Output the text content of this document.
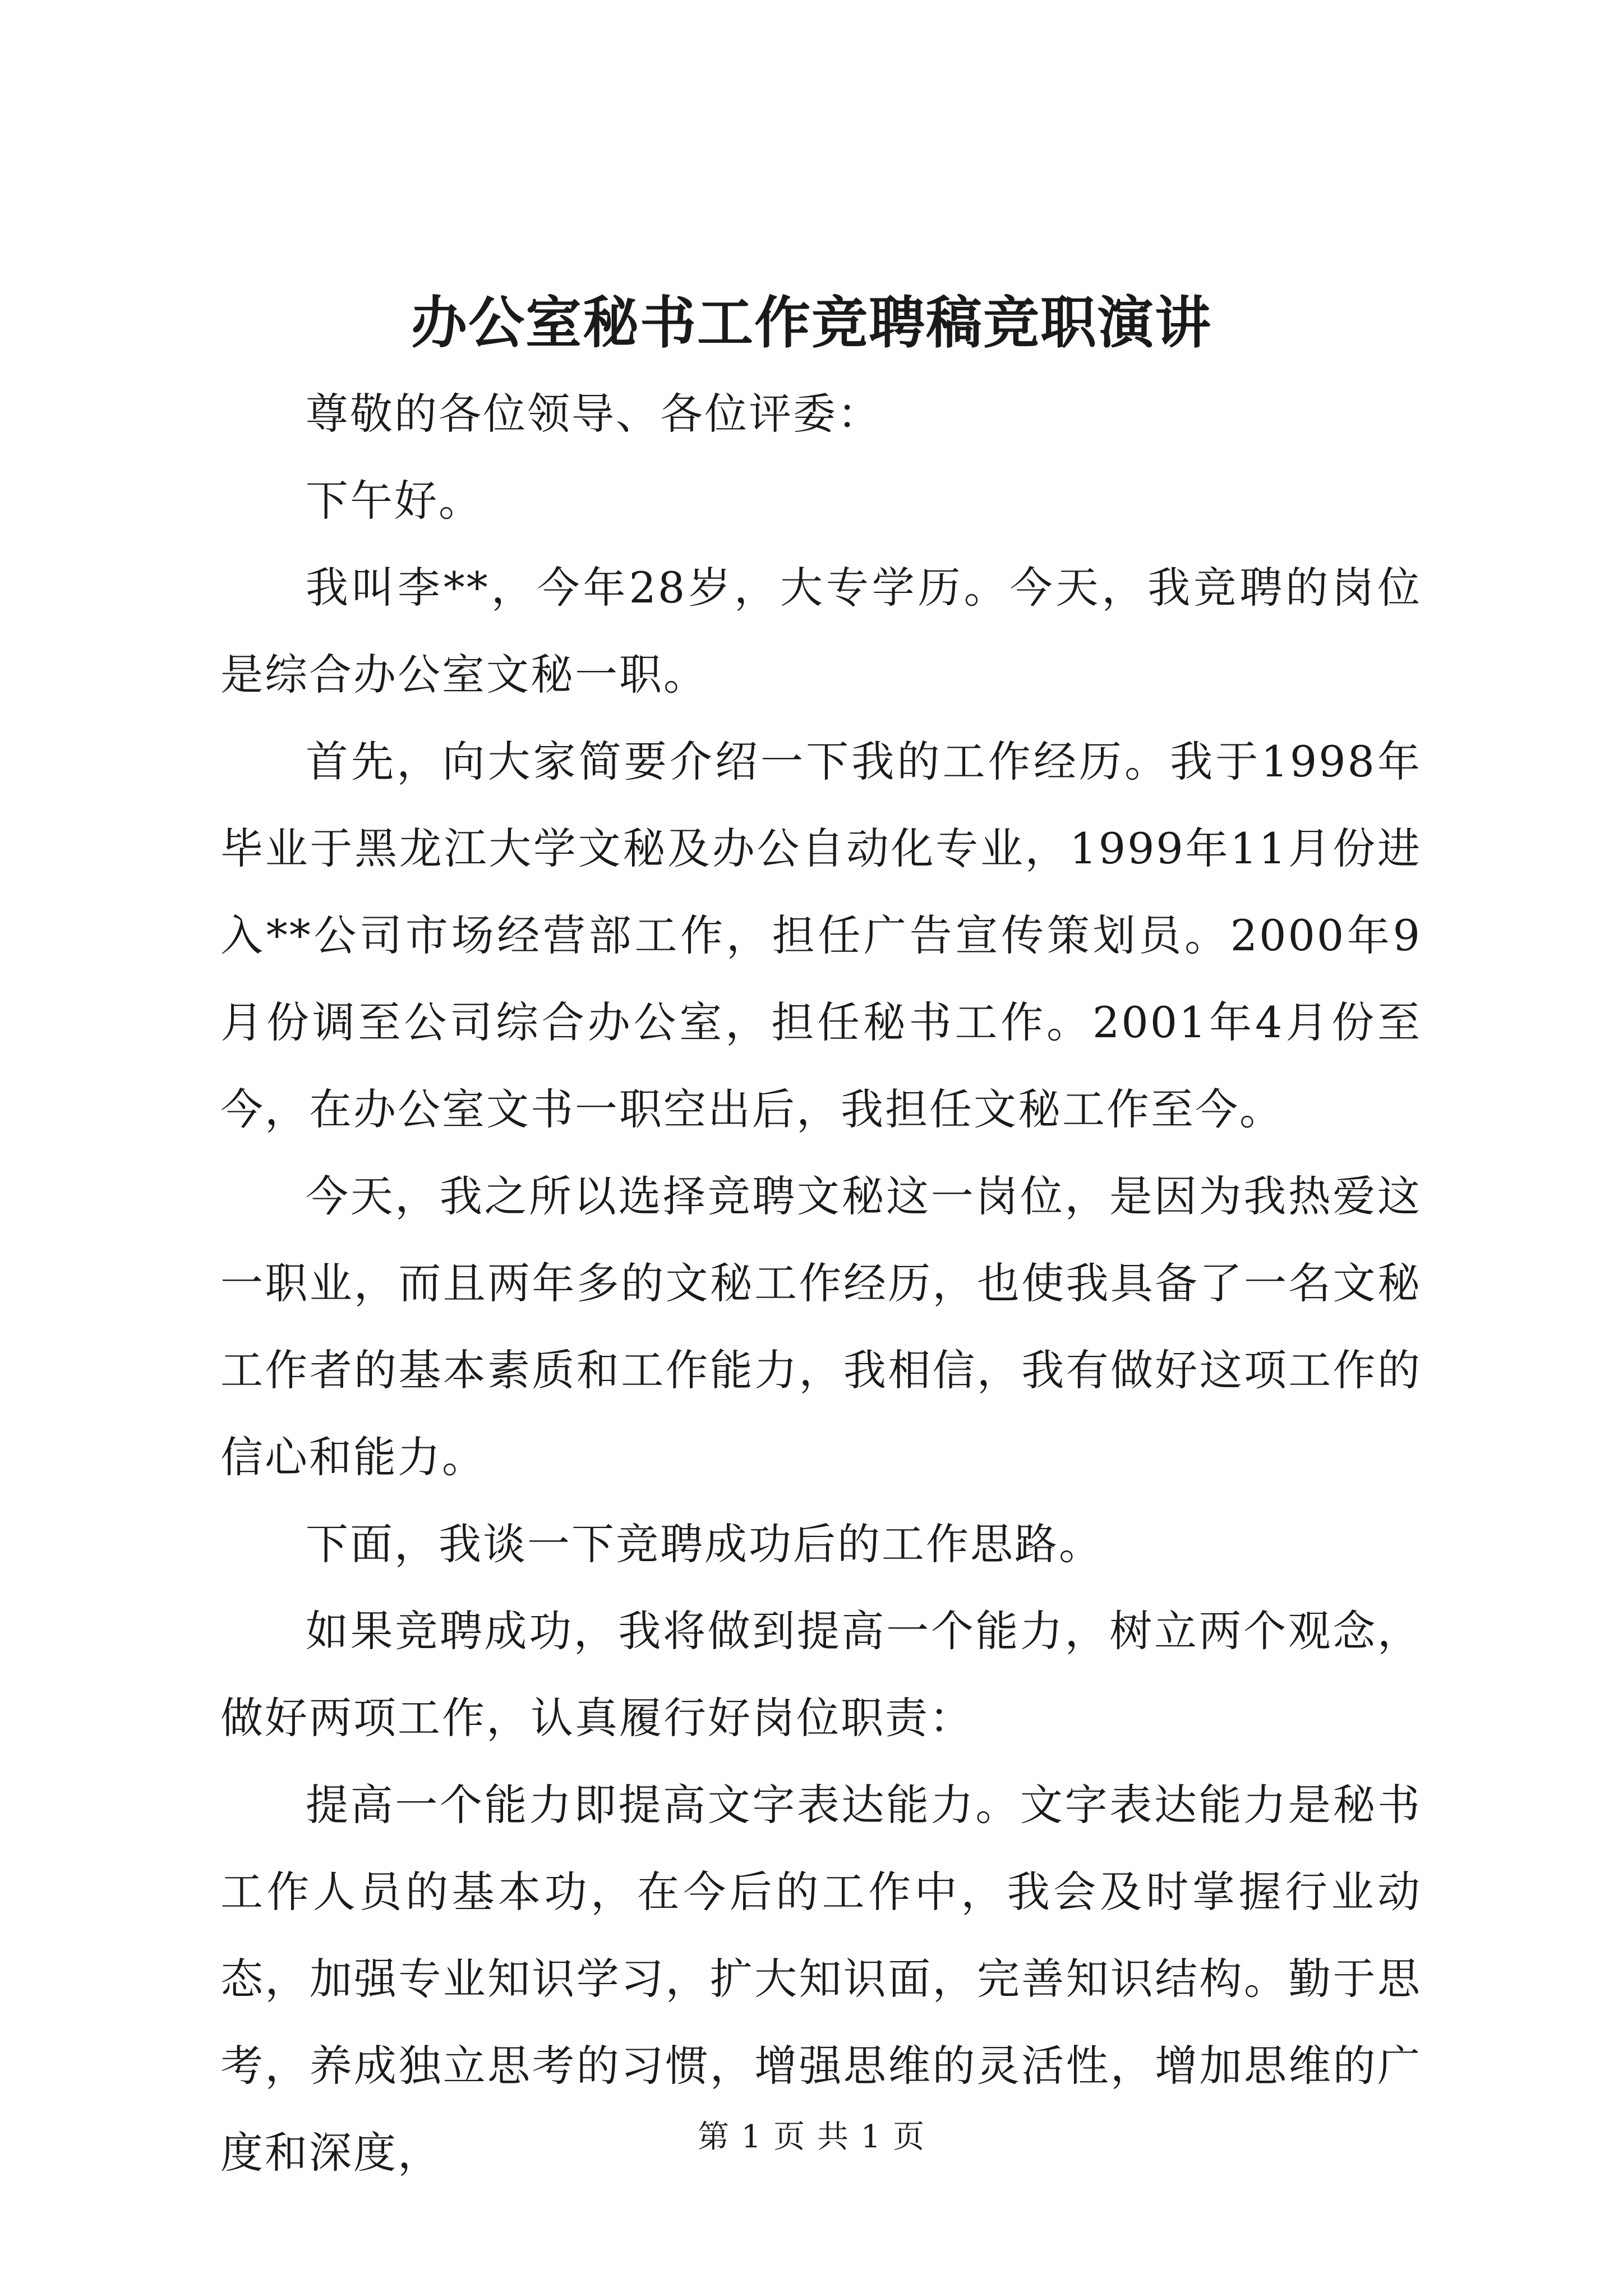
办公室秘书工作竞聘稿竞职演讲

尊敬的各位领导、各位评委：

下午好。

我叫李**，今年28岁，大专学历。今天，我竞聘的岗位是综合办公室文秘一职。

首先，向大家简要介绍一下我的工作经历。我于1998年毕业于黑龙江大学文秘及办公自动化专业，1999年11月份进入**公司市场经营部工作，担任广告宣传策划员。2000年9月份调至公司综合办公室，担任秘书工作。2001年4月份至今，在办公室文书一职空出后，我担任文秘工作至今。

今天，我之所以选择竞聘文秘这一岗位，是因为我热爱这一职业，而且两年多的文秘工作经历，也使我具备了一名文秘工作者的基本素质和工作能力，我相信，我有做好这项工作的信心和能力。

下面，我谈一下竞聘成功后的工作思路。

如果竞聘成功，我将做到提高一个能力，树立两个观念，做好两项工作，认真履行好岗位职责：

提高一个能力即提高文字表达能力。文字表达能力是秘书工作人员的基本功，在今后的工作中，我会及时掌握行业动态，加强专业知识学习，扩大知识面，完善知识结构。勤于思考，养成独立思考的习惯，增强思维的灵活性，增加思维的广度和深度，	第 1 页 共 1 页
